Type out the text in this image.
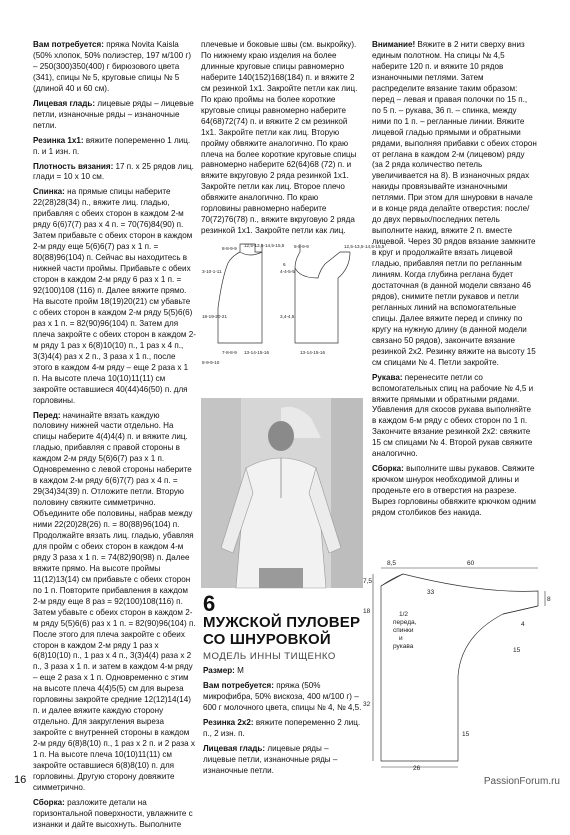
Вам потребуется: пряжа Novita Kaisla (50% хлопок, 50% полиэстер, 197 м/100 г) – 250(300)350(400) г бирюзового цвета (341), спицы № 5, круговые спицы № 5 (длиной 40 и 60 см).

Лицевая гладь: лицевые ряды – лицевые петли, изнаночные ряды – изнаночные петли.

Резинка 1х1: вяжите попеременно 1 лиц. п. и 1 изн. п.

Плотность вязания: 17 п. х 25 рядов лиц. глади = 10 х 10 см.

Спинка: на прямые спицы наберите 22(28)28(34) п., вяжите лиц. гладью, прибавляя с обеих сторон в каждом 2-м ряду 6(6)7(7) раз х 4 п. = 70(76)84(90) п. Затем прибавьте с обеих сторон в каждом 2-м ряду еще 5(6)6(7) раз х 1 п. = 80(88)96(104) п. Сейчас вы находитесь в нижней части проймы. Прибавьте с обеих сторон в каждом 2-м ряду 6 раз х 1 п. = 92(100)108 (116) п. Далее вяжите прямо. На высоте пройм 18(19)20(21) см убавьте с обеих сторон в каждом 2-м ряду 5(5)6(6) раз х 1 п. = 82(90)96(104) п. Затем для плеча закройте с обеих сторон в каждом 2-м ряду 1 раз х 6(8)10(10) п., 1 раз х 4 п., 3(3)4(4) раз х 2 п., 3 раза х 1 п., после этого в каждом 4-м ряду – еще 2 раза х 1 п. На высоте плеча 10(10)11(11) см закройте оставшиеся 40(44)46(50) п. для горловины.

Перед: начинайте вязать каждую половину нижней части отдельно. На спицы наберите 4(4)4(4) п. и вяжите лиц. гладью, прибавляя с правой стороны в каждом 2-м ряду 5(6)6(7) раз х 1 п. Одновременно с левой стороны наберите в каждом 2-м ряду 6(6)7(7) раз х 4 п. = 29(34)34(39) п. Отложите петли. Вторую половину свяжите симметрично. Объедините обе половины, набрав между ними 22(20)28(26) п. = 80(88)96(104) п. Продолжайте вязать лиц. гладью, убавляя для пройм с обеих сторон в каждом 4-м ряду 3 раза х 1 п. = 74(82)90(98) п. Далее вяжите прямо. На высоте проймы 11(12)13(14) см прибавьте с обеих сторон по 1 п. Повторите прибавления в каждом 2-м ряду еще 8 раз = 92(100)108(116) п. Затем убавьте с обеих сторон в каждом 2-м ряду 5(5)6(6) раз х 1 п. = 82(90)96(104) п. После этого для плеча закройте с обеих сторон в каждом 2-м ряду 1 раз х 6(8)10(10) п., 1 раз х 4 п., 3(3)4(4) раза х 2 п., 3 раза х 1 п. и затем в каждом 4-м ряду – еще 2 раза х 1 п. Одновременно с этим на высоте плеча 4(4)5(5) см для выреза горловины закройте средние 12(12)14(14) п. и далее вяжите каждую сторону отдельно. Для закругления выреза закройте с внутренней стороны в каждом 2-м ряду 6(8)8(10) п., 1 раз х 2 п. и 2 раза х 1 п. На высоте плеча 10(10)11(11) см закройте оставшиеся 6(8)8(10) п. для горловины. Другую сторону довяжите симметрично.

Сборка: разложите детали на горизонтальной поверхности, увлажните с изнанки и дайте высохнуть. Выполните

плечевые и боковые швы (см. выкройку). По нижнему краю изделия на более длинные круговые спицы равномерно наберите 140(152)168(184) п. и вяжите 2 см резинкой 1х1. Закройте петли как лиц. По краю проймы на более короткие круговые спицы равномерно наберите 64(68)72(74) п. и вяжите 2 см резинкой 1х1. Закройте петли как лиц. Вторую пройму обвяжите аналогично. По краю плеча на более короткие круговые спицы равномерно наберите 62(64)68 (72) п. и вяжите вкруговую 2 ряда резинкой 1х1. Закройте петли как лиц. Второе плечо обвяжите аналогично. По краю горловины равномерно наберите 70(72)76(78) п., вяжите вкруговую 2 ряда резинкой 1х1. Закройте петли как лиц.

8-8-9-9
12,5-13,5-14,5-15,5
3-10-1-11	4-4-5-5
6
3,4-4,5
18-19-20-21
7-8-8-9 13-14-15-16
8-9-9-10
13-14-15-16
12,5-13,5-14,5-15,5
8-8-9-9
6
МУЖСКОЙ ПУЛОВЕР СО ШНУРОВКОЙ
МОДЕЛЬ ИННЫ ТИЩЕНКО

Размер: М

Вам потребуется: пряжа (50% микрофибра, 50% вискоза, 400 м/100 г) – 600 г молочного цвета, спицы № 4, № 4,5.

Резинка 2х2: вяжите попеременно 2 лиц. п., 2 изн. п.

Лицевая гладь: лицевые ряды – лицевые петли, изнаночные ряды – изнаночные петли.

Внимание! Вяжите в 2 нити сверху вниз единым полотном. На спицы № 4,5 наберите 120 п. и вяжите 10 рядов изнаночными петлями. Затем распределите вязание таким образом: перед – левая и правая полочки по 15 п., по 5 п. – рукава, 36 п. – спинка, между ними по 1 п. – регланные линии. Вяжите лицевой гладью прямыми и обратными рядами, выполняя прибавки с обеих сторон от реглана в каждом 2-м (лицевом) ряду (за 2 ряда количество петель увеличивается на 8). В изнаночных рядах накиды провязывайте изнаночными петлями. При этом для шнуровки в начале и в конце ряда делайте отверстия: после/до двух первых/последних петель выполните накид, вяжите 2 п. вместе лицевой. Через 30 рядов вязание замкните в круг и продолжайте вязать лицевой гладью, прибавляя петли по регланным линиям. Когда глубина реглана будет достаточная (в данной модели связано 46 рядов), снимите петли рукавов и петли регланных линий на вспомогательные спицы. Далее вяжите перед и спинку по кругу на нужную длину (в данной модели связано 50 рядов), закончите вязание резинкой 2х2. Резинку вяжите на высоту 15 см спицами № 4. Петли закройте.

Рукава: перенесите петли со вспомогательных спиц на рабочие № 4,5 и вяжите прямыми и обратными рядами. Убавления для скосов рукава выполняйте в каждом 6-м ряду с обеих сторон по 1 п. Закончите вязание резинкой 2х2: свяжите 15 см спицами № 4. Второй рукав свяжите аналогично.

Сборка: выполните швы рукавов. Свяжите крючком шнурок необходимой длины и проденьте его в отверстия на разрезе. Вырез горловины обвяжите крючком одним рядом столбиков без накида.

8,5	60
8
7,5
18
33
32
26
15
15
4
1/2
переда,
спинки
и
рукава
16	PassionForum.ru
